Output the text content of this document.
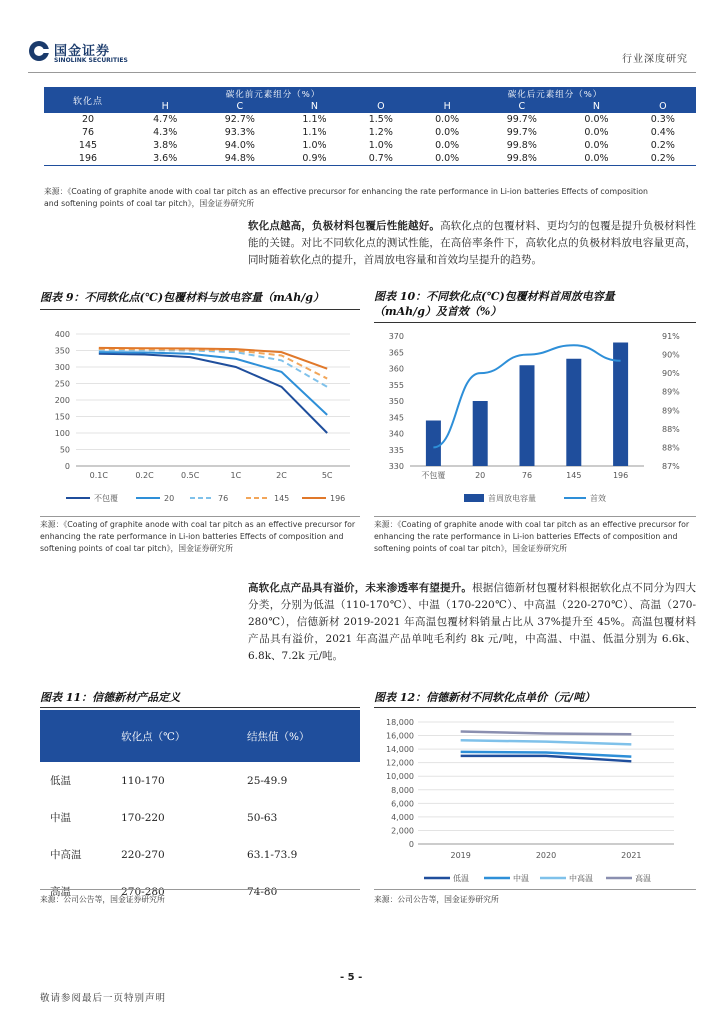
国金证券
SINOLINK SECURITIES	行业深度研究
软化点	碳化前元素组分（%）				碳化后元素组分（%）			
	H	C	N	O	H	C	N	O
20	4.7%	92.7%	1.1%	1.5%	0.0%	99.7%	0.0%	0.3%
76	4.3%	93.3%	1.1%	1.2%	0.0%	99.7%	0.0%	0.4%
145	3.8%	94.0%	1.0%	1.0%	0.0%	99.8%	0.0%	0.2%
196	3.6%	94.8%	0.9%	0.7%	0.0%	99.8%	0.0%	0.2%
来源：《Coating of graphite anode with coal tar pitch as an effective precursor for enhancing the rate performance in Li-ion batteries Effects of composition
and softening points of coal tar pitch》，国金证券研究所
软化点越高，负极材料包覆后性能越好。高软化点的包覆材料、更均匀的包覆是提升负极材料性能的关键。对比不同软化点的测试性能，在高倍率条件下，高软化点的负极材料放电容量更高，同时随着软化点的提升，首周放电容量和首效均呈提升的趋势。
图表 9：不同软化点(℃)包覆材料与放电容量（mAh/g）
0
50
100
150
200
250
300
350
400
0.1C	0.2C	0.5C	1C	2C	5C
不包覆	20	76	145	196
来源：《Coating of graphite anode with coal tar pitch as an effective precursor for enhancing the rate performance in Li-ion batteries Effects of composition and softening points of coal tar pitch》，国金证券研究所
图表 10：不同软化点(℃)包覆材料首周放电容量
（mAh/g）及首效（%）
330
335
340
345
350
355
360
365
370
87%
88%
88%
89%
89%
90%
90%
91%
不包覆	20	76	145	196
首周放电容量	首效
来源：《Coating of graphite anode with coal tar pitch as an effective precursor for enhancing the rate performance in Li-ion batteries Effects of composition and softening points of coal tar pitch》，国金证券研究所
高软化点产品具有溢价，未来渗透率有望提升。根据信德新材包覆材料根据软化点不同分为四大分类，分别为低温（110-170℃）、中温（170-220℃）、中高温（220-270℃）、高温（270-280℃），信德新材 2019-2021 年高温包覆材料销量占比从 37%提升至 45%。高温包覆材料产品具有溢价，2021 年高温产品单吨毛利约 8k 元/吨，中高温、中温、低温分别为 6.6k、6.8k、7.2k 元/吨。
图表 11：信德新材产品定义
	软化点（℃）	结焦值（%）
低温	110-170	25-49.9
中温	170-220	50-63
中高温	220-270	63.1-73.9
高温	270-280	74-80
来源：公司公告等，国金证券研究所
图表 12：信德新材不同软化点单价（元/吨）
0
2,000
4,000
6,000
8,000
10,000
12,000
14,000
16,000
18,000
2019	2020	2021
低温	中温	中高温	高温
来源：公司公告等，国金证券研究所
- 5 -
敬请参阅最后一页特别声明
